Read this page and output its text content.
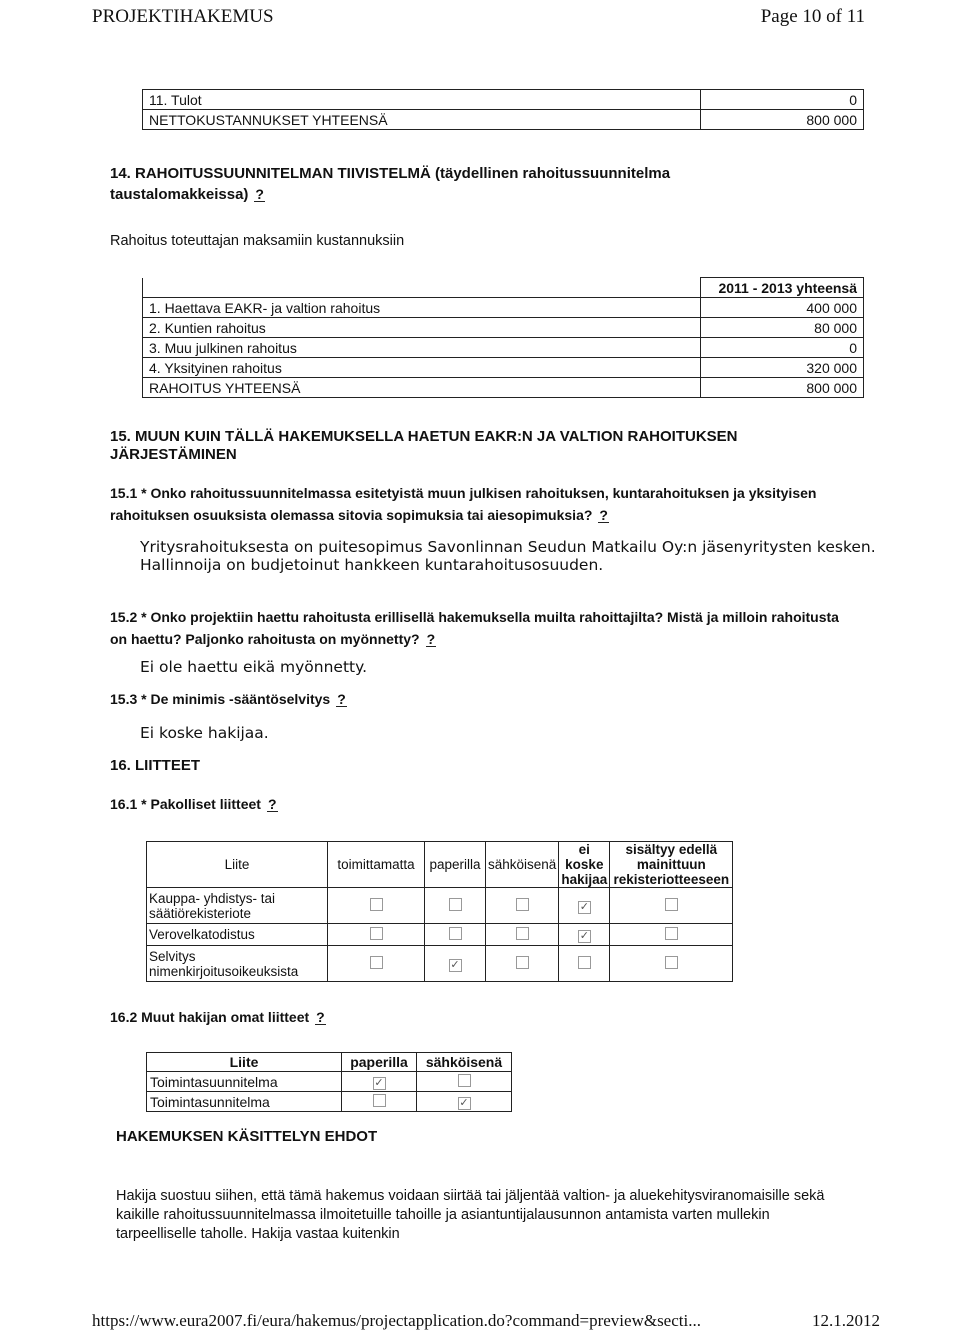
PROJEKTIHAKEMUS	Page 10 of 11
11. Tulot	0
NETTOKUSTANNUKSET YHTEENSÄ	800 000
14. RAHOITUSSUUNNITELMAN TIIVISTELMÄ (täydellinen rahoitussuunnitelma taustalomakkeissa) ?
Rahoitus toteuttajan maksamiin kustannuksiin
	2011 - 2013 yhteensä
1. Haettava EAKR- ja valtion rahoitus	400 000
2. Kuntien rahoitus	80 000
3. Muu julkinen rahoitus	0
4. Yksityinen rahoitus	320 000
RAHOITUS YHTEENSÄ	800 000
15. MUUN KUIN TÄLLÄ HAKEMUKSELLA HAETUN EAKR:N JA VALTION RAHOITUKSEN JÄRJESTÄMINEN
15.1 * Onko rahoitussuunnitelmassa esitetyistä muun julkisen rahoituksen, kuntarahoituksen ja yksityisen rahoituksen osuuksista olemassa sitovia sopimuksia tai aiesopimuksia? ?
Yritysrahoituksesta on puitesopimus Savonlinnan Seudun Matkailu Oy:n jäsenyritysten kesken.
Hallinnoija on budjetoinut hankkeen kuntarahoitusosuuden.
15.2 * Onko projektiin haettu rahoitusta erillisellä hakemuksella muilta rahoittajilta? Mistä ja milloin rahoitusta on haettu? Paljonko rahoitusta on myönnetty? ?
Ei ole haettu eikä myönnetty.
15.3 * De minimis -sääntöselvitys ?
Ei koske hakijaa.
16. LIITTEET
16.1 * Pakolliset liitteet ?
Liite	toimittamatta	paperilla	sähköisenä	ei koske hakijaa	sisältyy edellä mainittuun rekisteriotteeseen
Kauppa- yhdistys- tai säätiörekisteriote				✓	
Verovelkatodistus				✓	
Selvitys nimenkirjoitusoikeuksista		✓			
16.2 Muut hakijan omat liitteet ?
Liite	paperilla	sähköisenä
Toimintasuunnitelma	✓	
Toimintasunnitelma		✓
HAKEMUKSEN KÄSITTELYN EHDOT
Hakija suostuu siihen, että tämä hakemus voidaan siirtää tai jäljentää valtion- ja aluekehitysviranomaisille sekä kaikille rahoitussuunnitelmassa ilmoitetuille tahoille ja asiantuntijalausunnon antamista varten mullekin tarpeelliselle taholle. Hakija vastaa kuitenkin
https://www.eura2007.fi/eura/hakemus/projectapplication.do?command=preview&secti...	12.1.2012
